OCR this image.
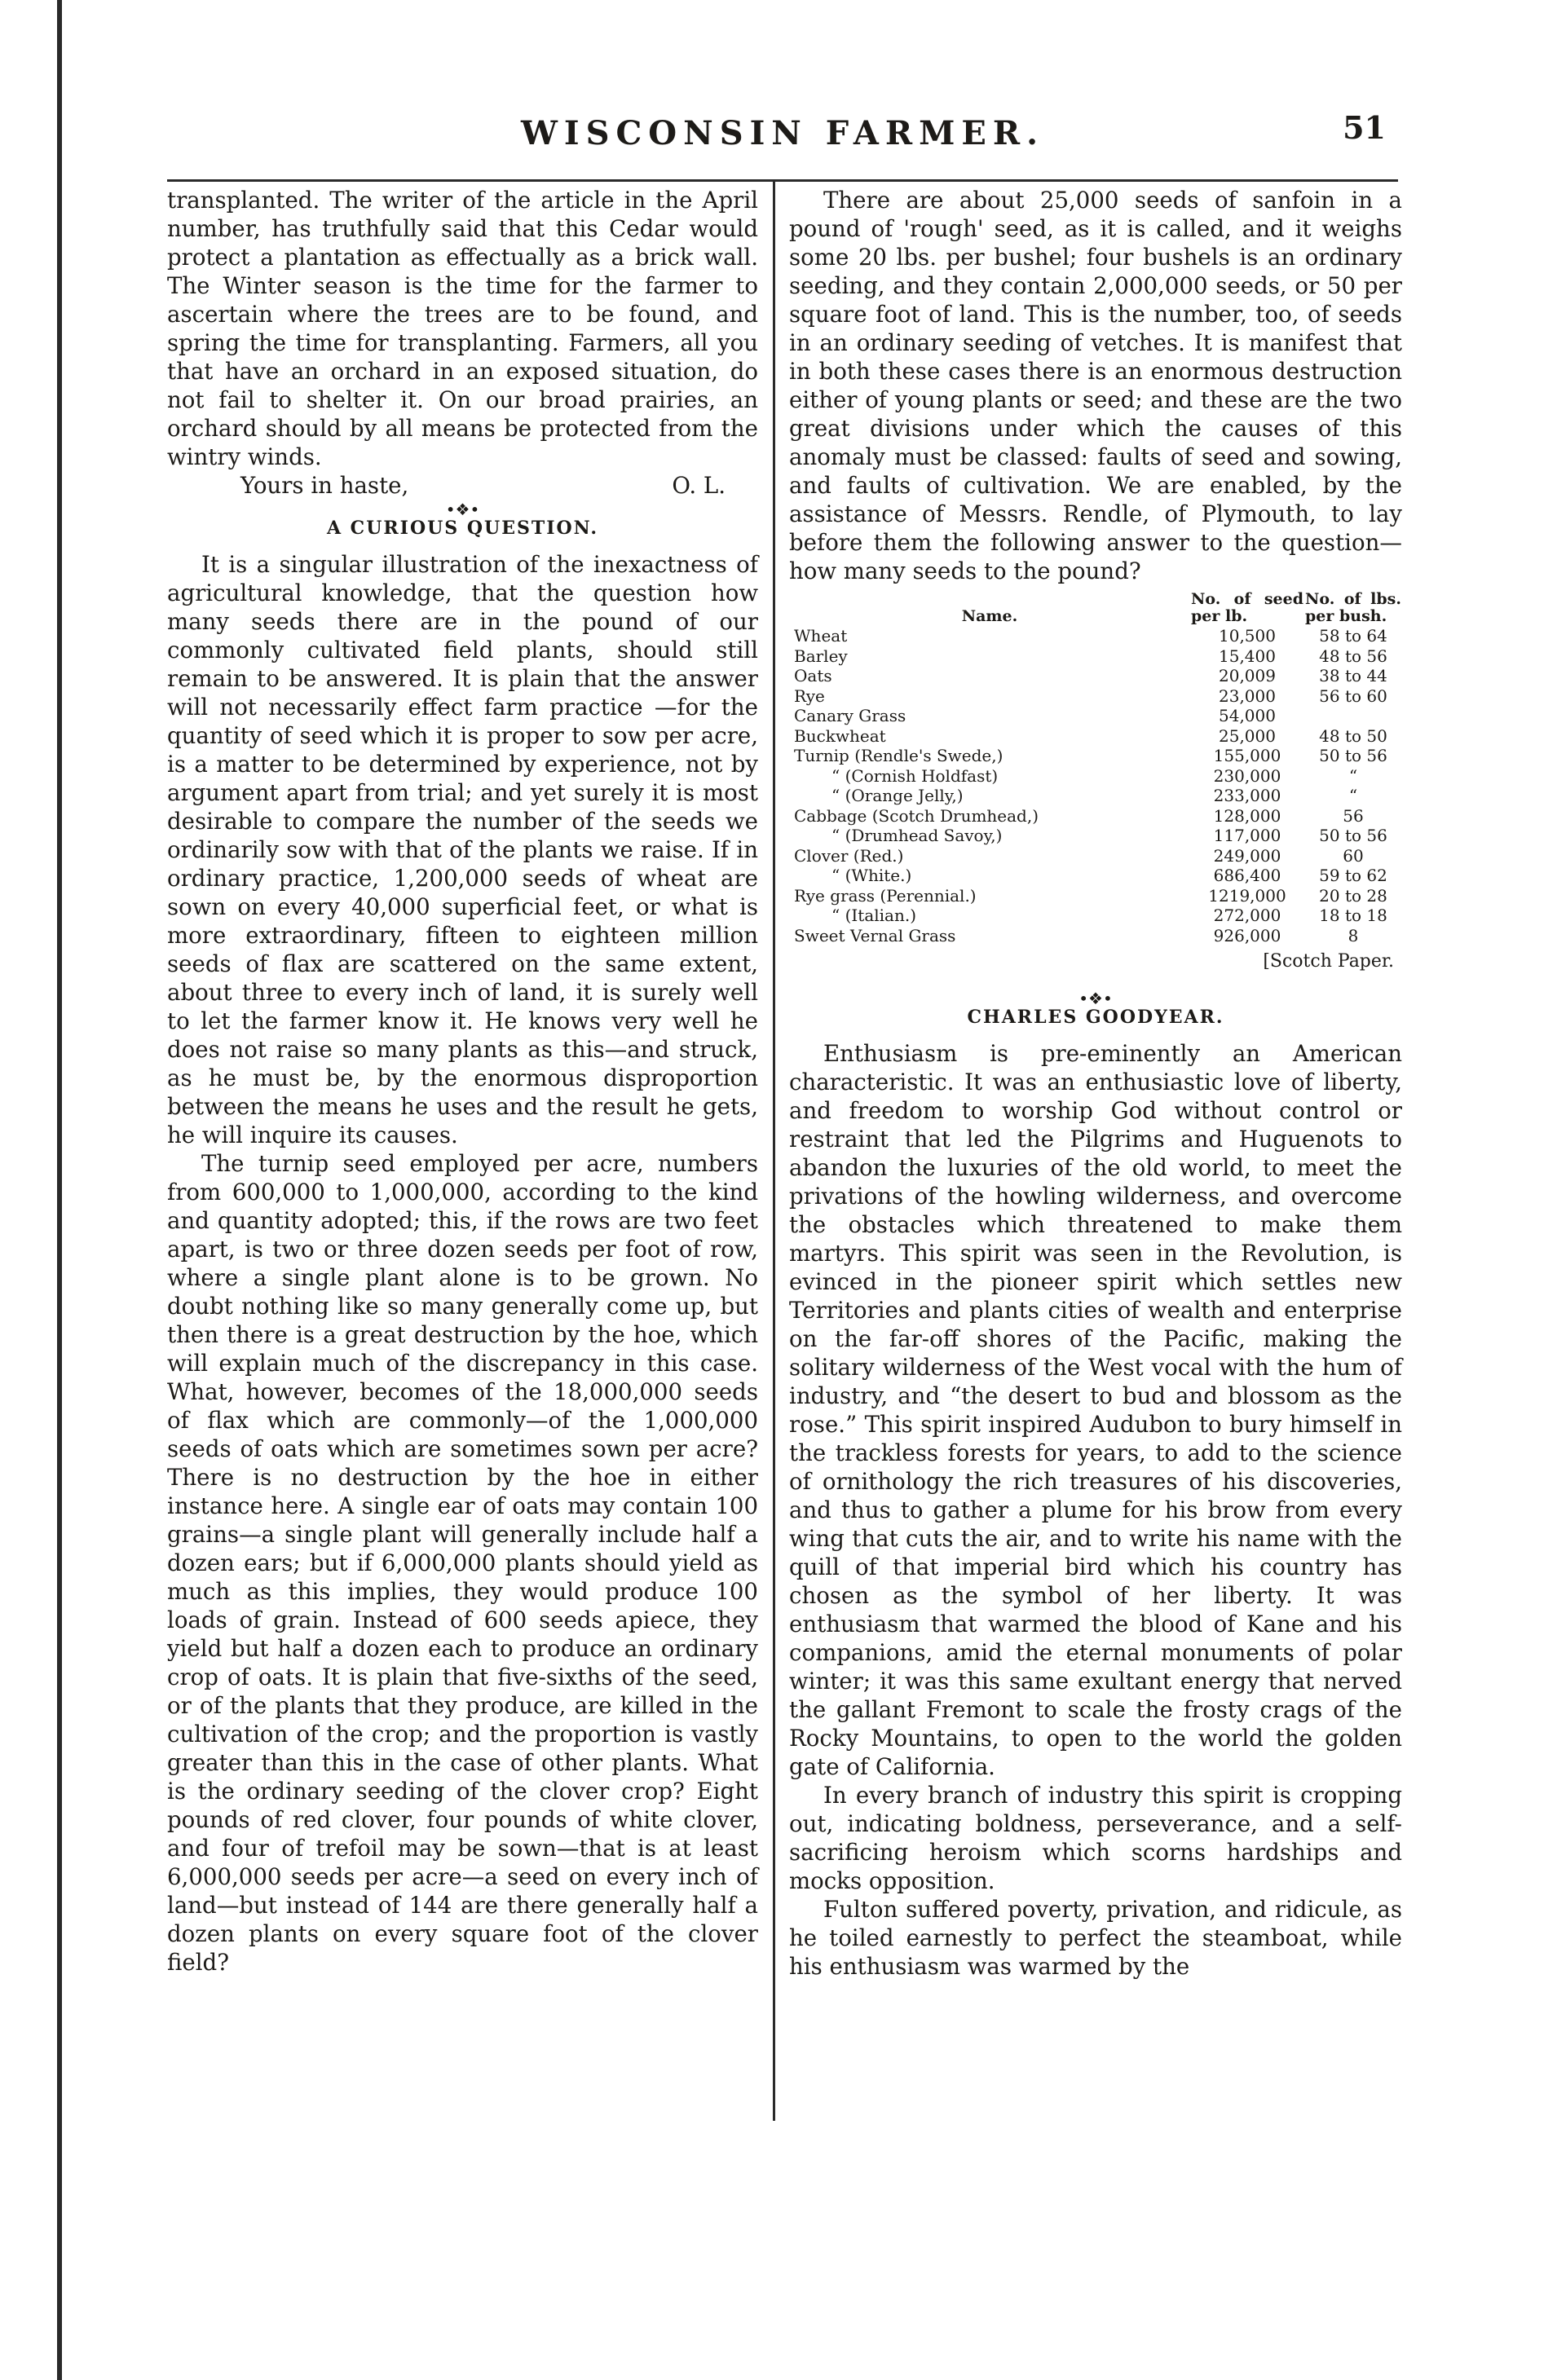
WISCONSIN FARMER.	51

transplanted. The writer of the article in the April number, has truthfully said that this Cedar would protect a plantation as effectually as a brick wall. The Winter season is the time for the farmer to ascertain where the trees are to be found, and spring the time for transplanting. Farmers, all you that have an orchard in an exposed situation, do not fail to shelter it. On our broad prairies, an orchard should by all means be protected from the wintry winds.

Yours in haste,	O. L.
•❖•
A CURIOUS QUESTION.

It is a singular illustration of the inexactness of agricultural knowledge, that the question how many seeds there are in the pound of our commonly cultivated field plants, should still remain to be answered. It is plain that the answer will not necessarily effect farm practice —for the quantity of seed which it is proper to sow per acre, is a matter to be determined by experience, not by argument apart from trial; and yet surely it is most desirable to compare the number of the seeds we ordinarily sow with that of the plants we raise. If in ordinary practice, 1,200,000 seeds of wheat are sown on every 40,000 superficial feet, or what is more extraordinary, fifteen to eighteen million seeds of flax are scattered on the same extent, about three to every inch of land, it is surely well to let the farmer know it. He knows very well he does not raise so many plants as this—and struck, as he must be, by the enormous disproportion between the means he uses and the result he gets, he will inquire its causes.

The turnip seed employed per acre, numbers from 600,000 to 1,000,000, according to the kind and quantity adopted; this, if the rows are two feet apart, is two or three dozen seeds per foot of row, where a single plant alone is to be grown. No doubt nothing like so many generally come up, but then there is a great destruction by the hoe, which will explain much of the discrepancy in this case. What, however, becomes of the 18,000,000 seeds of flax which are commonly—of the 1,000,000 seeds of oats which are sometimes sown per acre? There is no destruction by the hoe in either instance here. A single ear of oats may contain 100 grains—a single plant will generally include half a dozen ears; but if 6,000,000 plants should yield as much as this implies, they would produce 100 loads of grain. Instead of 600 seeds apiece, they yield but half a dozen each to produce an ordinary crop of oats. It is plain that five-sixths of the seed, or of the plants that they produce, are killed in the cultivation of the crop; and the proportion is vastly greater than this in the case of other plants. What is the ordinary seeding of the clover crop? Eight pounds of red clover, four pounds of white clover, and four of trefoil may be sown—that is at least 6,000,000 seeds per acre—a seed on every inch of land—but instead of 144 are there generally half a dozen plants on every square foot of the clover field?

There are about 25,000 seeds of sanfoin in a pound of 'rough' seed, as it is called, and it weighs some 20 lbs. per bushel; four bushels is an ordinary seeding, and they contain 2,000,000 seeds, or 50 per square foot of land. This is the number, too, of seeds in an ordinary seeding of vetches. It is manifest that in both these cases there is an enormous destruction either of young plants or seed; and these are the two great divisions under which the causes of this anomaly must be classed: faults of seed and sowing, and faults of cultivation. We are enabled, by the assistance of Messrs. Rendle, of Plymouth, to lay before them the following answer to the question—how many seeds to the pound?

Name.	No. of seed per lb.	No. of lbs. per bush.
Wheat	10,500	58 to 64
Barley	15,400	48 to 56
Oats	20,009	38 to 44
Rye	23,000	56 to 60
Canary Grass	54,000	
Buckwheat	25,000	48 to 50
Turnip (Rendle's Swede,)	155,000	50 to 56
“ (Cornish Holdfast)	230,000	“
“ (Orange Jelly,)	233,000	“
Cabbage (Scotch Drumhead,)	128,000	56
“ (Drumhead Savoy,)	117,000	50 to 56
Clover (Red.)	249,000	60
“ (White.)	686,400	59 to 62
Rye grass (Perennial.)	1219,000	20 to 28
“ (Italian.)	272,000	18 to 18
Sweet Vernal Grass	926,000	8
[Scotch Paper.
•❖•
CHARLES GOODYEAR.

Enthusiasm is pre-eminently an American characteristic. It was an enthusiastic love of liberty, and freedom to worship God without control or restraint that led the Pilgrims and Huguenots to abandon the luxuries of the old world, to meet the privations of the howling wilderness, and overcome the obstacles which threatened to make them martyrs. This spirit was seen in the Revolution, is evinced in the pioneer spirit which settles new Territories and plants cities of wealth and enterprise on the far-off shores of the Pacific, making the solitary wilderness of the West vocal with the hum of industry, and “the desert to bud and blossom as the rose.” This spirit inspired Audubon to bury himself in the trackless forests for years, to add to the science of ornithology the rich treasures of his discoveries, and thus to gather a plume for his brow from every wing that cuts the air, and to write his name with the quill of that imperial bird which his country has chosen as the symbol of her liberty. It was enthusiasm that warmed the blood of Kane and his companions, amid the eternal monuments of polar winter; it was this same exultant energy that nerved the gallant Fremont to scale the frosty crags of the Rocky Mountains, to open to the world the golden gate of California.

In every branch of industry this spirit is cropping out, indicating boldness, perseverance, and a self-sacrificing heroism which scorns hardships and mocks opposition.

Fulton suffered poverty, privation, and ridicule, as he toiled earnestly to perfect the steamboat, while his enthusiasm was warmed by the
